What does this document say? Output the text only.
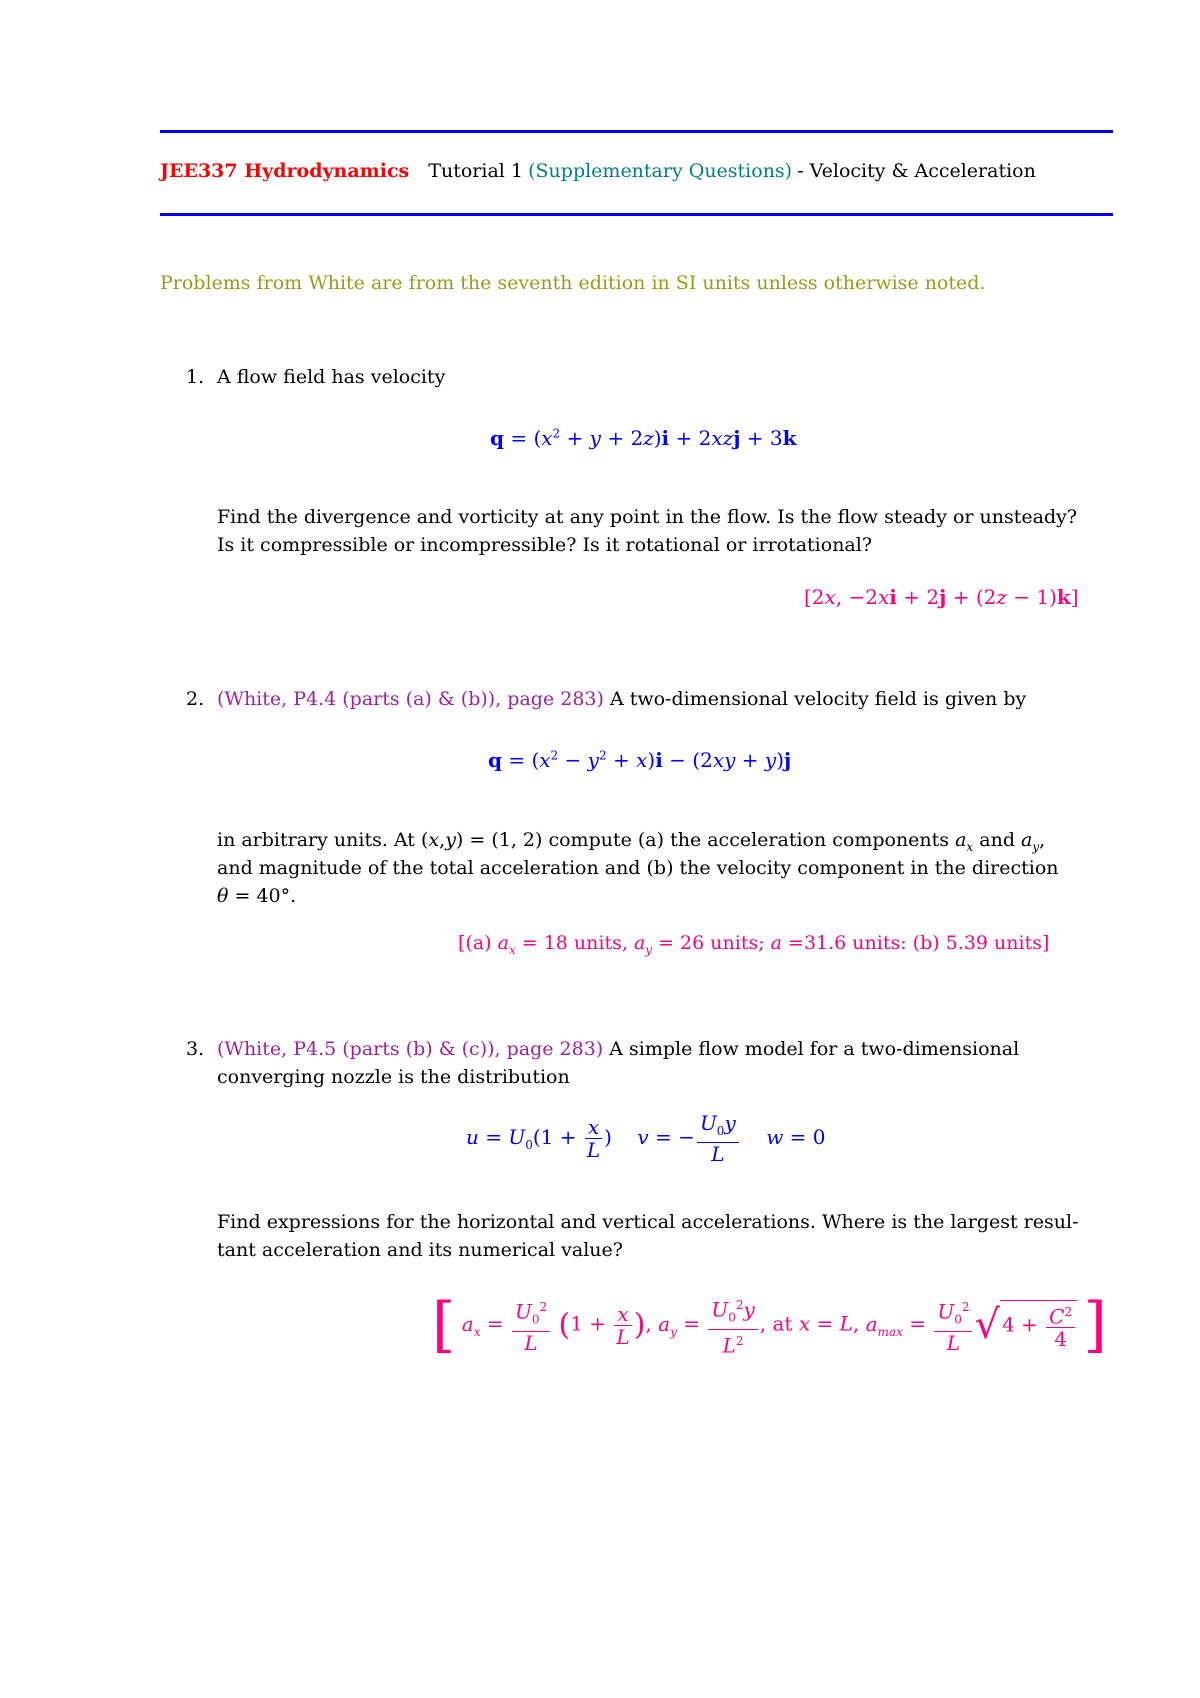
JEE337 Hydrodynamics Tutorial 1 (Supplementary Questions) - Velocity & Acceleration
Problems from White are from the seventh edition in SI units unless otherwise noted.
1. A flow field has velocity
$q = (x^2 + y + 2z)i + 2xzj + 3k$
Find the divergence and vorticity at any point in the flow. Is the flow steady or unsteady?
Is it compressible or incompressible? Is it rotational or irrotational?
[2x, −2xi + 2j + (2z − 1)k]
2. (White, P4.4 (parts (a) & (b)), page 283) A two-dimensional velocity field is given by
$q = (x^2 - y^2 + x)i - (2xy + y)j$
in arbitrary units. At (x,y) = (1, 2) compute (a) the acceleration components $a_x$ and $a_y$,
and magnitude of the total acceleration and (b) the velocity component in the direction
θ = 40°.
[(a) $a_x = 18$ units, $a_y = 26$ units; a =31.6 units: (b) 5.39 units]
3. (White, P4.5 (parts (b) & (c)), page 283) A simple flow model for a two-dimensional
converging nozzle is the distribution
$u = U_0(1 + \frac{x}{L}$ )    v = − $\frac{U_0y}{L}$ w = 0
Find expressions for the horizontal and vertical accelerations. Where is the largest resul-
tant acceleration and its numerical value?
[ $a_x = \frac{U_0^2}{L} (1 + \frac{x}{L}$ ), $a_y = \frac{U_0^2y}{L^2}$ , at x = L, $a_{max} = \frac{U_0^2}{L}$ √ $4 + \frac{C^2}{4}$ ]
